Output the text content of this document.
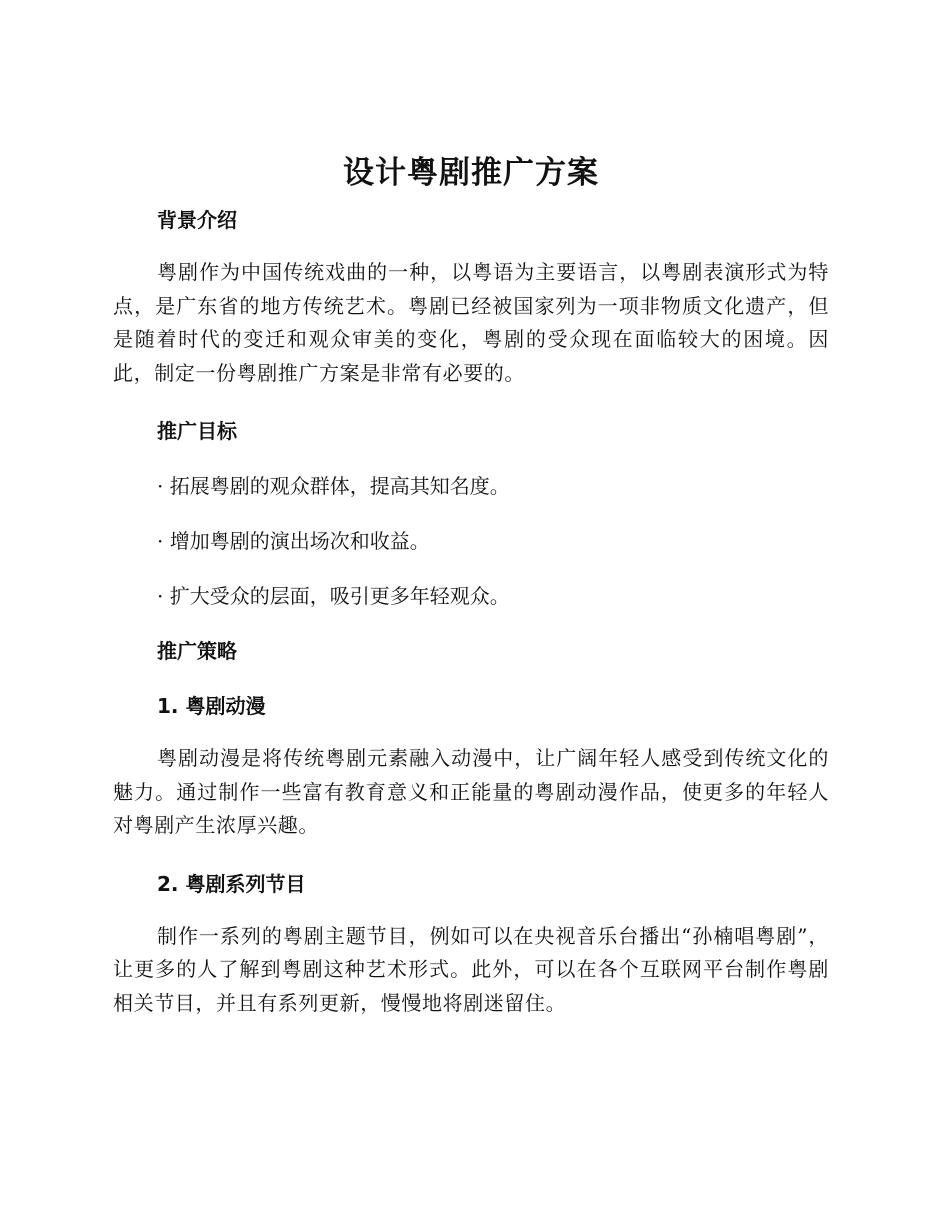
设计粤剧推广方案
背景介绍

粤剧作为中国传统戏曲的一种，以粤语为主要语言，以粤剧表演形式为特点，是广东省的地方传统艺术。粤剧已经被国家列为一项非物质文化遗产，但是随着时代的变迁和观众审美的变化，粤剧的受众现在面临较大的困境。因此，制定一份粤剧推广方案是非常有必要的。

推广目标

· 拓展粤剧的观众群体，提高其知名度。

· 增加粤剧的演出场次和收益。

· 扩大受众的层面，吸引更多年轻观众。

推广策略
1. 粤剧动漫

粤剧动漫是将传统粤剧元素融入动漫中，让广阔年轻人感受到传统文化的魅力。通过制作一些富有教育意义和正能量的粤剧动漫作品，使更多的年轻人对粤剧产生浓厚兴趣。

2. 粤剧系列节目

制作一系列的粤剧主题节目，例如可以在央视音乐台播出“孙楠唱粤剧”，让更多的人了解到粤剧这种艺术形式。此外，可以在各个互联网平台制作粤剧相关节目，并且有系列更新，慢慢地将剧迷留住。
